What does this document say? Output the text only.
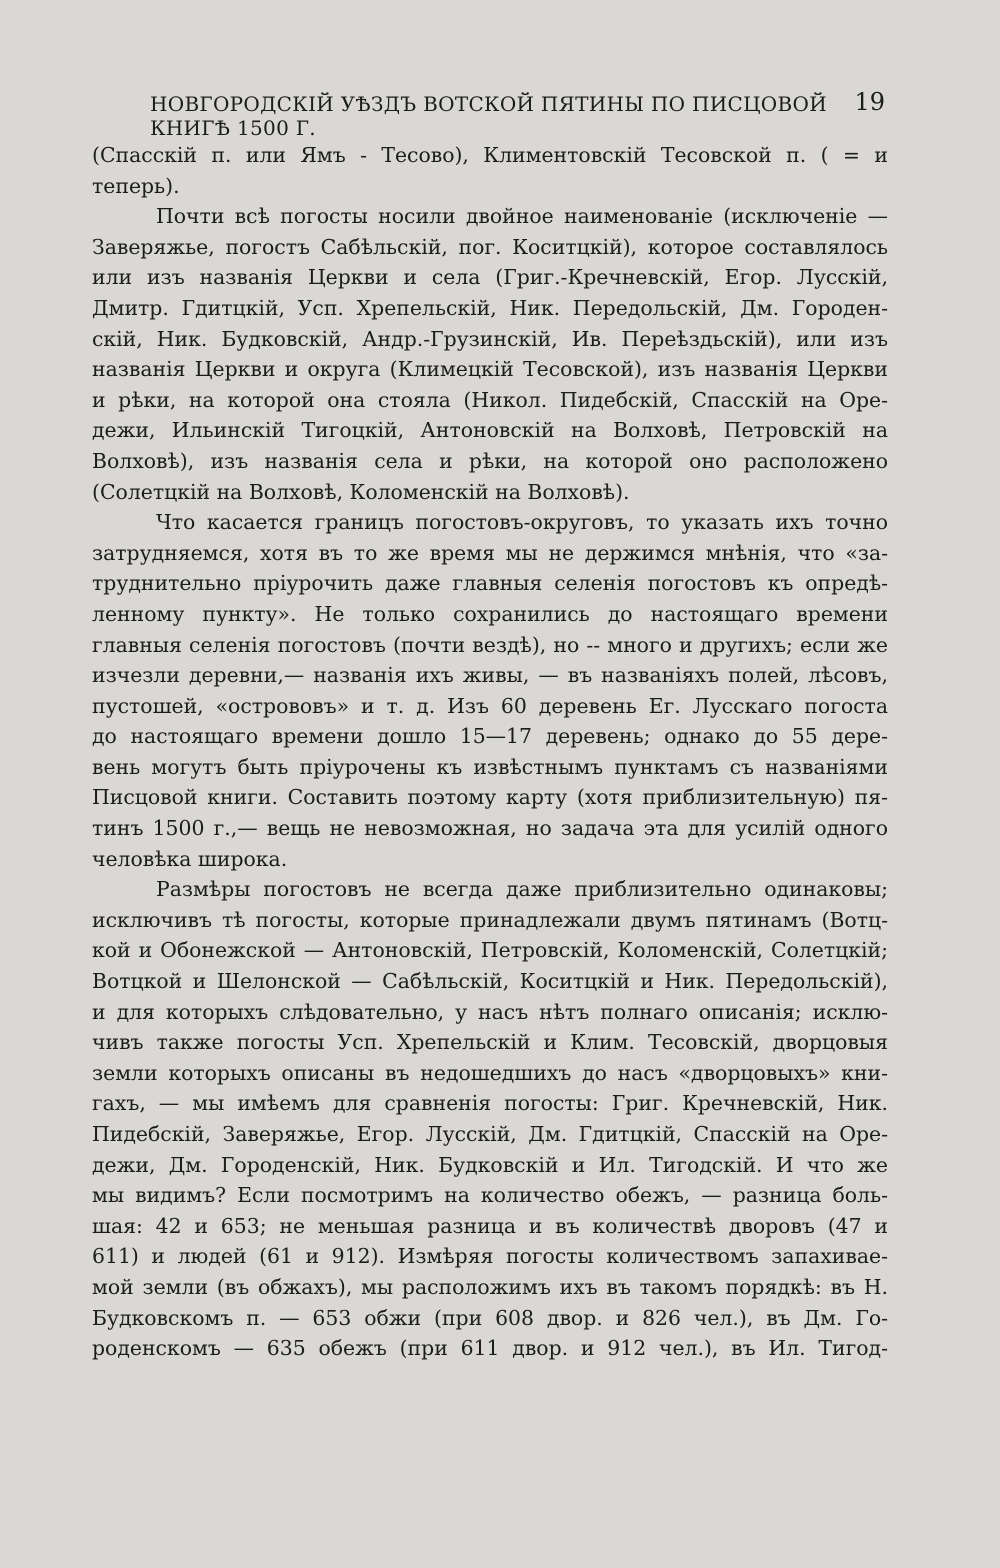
НОВГОРОДСКІЙ УѢЗДЪ ВОТСКОЙ ПЯТИНЫ ПО ПИСЦОВОЙ КНИГѢ 1500 Г.
19
(Спасскій п. или Ямъ - Тесово), Климентовскій Тесовской п. ( = и
теперь).
Почти всѣ погосты носили двойное наименованіе (исключеніе —
Заверяжье, погостъ Сабѣльскій, пог. Коситцкій), которое составлялось
или изъ названія Церкви и села (Григ.-Кречневскій, Егор. Лусскій,
Дмитр. Гдитцкій, Усп. Хрепельскій, Ник. Передольскій, Дм. Городен-
скій, Ник. Будковскій, Андр.-Грузинскій, Ив. Переѣздьскій), или изъ
названія Церкви и округа (Климецкій Тесовской), изъ названія Церкви
и рѣки, на которой она стояла (Никол. Пидебскій, Спасскій на Оре-
дежи, Ильинскій Тигоцкій, Антоновскій на Волховѣ, Петровскій на
Волховѣ), изъ названія села и рѣки, на которой оно расположено
(Солетцкій на Волховѣ, Коломенскій на Волховѣ).
Что касается границъ погостовъ-округовъ, то указать ихъ точно
затрудняемся, хотя въ то же время мы не держимся мнѣнія, что «за-
труднительно пріурочить даже главныя селенія погостовъ къ опредѣ-
ленному пункту». Не только сохранились до настоящаго времени
главныя селенія погостовъ (почти вездѣ), но -- много и другихъ; если же
изчезли деревни,— названія ихъ живы, — въ названіяхъ полей, лѣсовъ,
пустошей, «острововъ» и т. д. Изъ 60 деревень Ег. Лусскаго погоста
до настоящаго времени дошло 15—17 деревень; однако до 55 дере-
вень могутъ быть пріурочены къ извѣстнымъ пунктамъ съ названіями
Писцовой книги. Составить поэтому карту (хотя приблизительную) пя-
тинъ 1500 г.,— вещь не невозможная, но задача эта для усилій одного
человѣка широка.
Размѣры погостовъ не всегда даже приблизительно одинаковы;
исключивъ тѣ погосты, которые принадлежали двумъ пятинамъ (Вотц-
кой и Обонежской — Антоновскій, Петровскій, Коломенскій, Солетцкій;
Вотцкой и Шелонской — Сабѣльскій, Коситцкій и Ник. Передольскій),
и для которыхъ слѣдовательно, у насъ нѣтъ полнаго описанія; исклю-
чивъ также погосты Усп. Хрепельскій и Клим. Тесовскій, дворцовыя
земли которыхъ описаны въ недошедшихъ до насъ «дворцовыхъ» кни-
гахъ, — мы имѣемъ для сравненія погосты: Григ. Кречневскій, Ник.
Пидебскій, Заверяжье, Егор. Лусскій, Дм. Гдитцкій, Спасскій на Оре-
дежи, Дм. Городенскій, Ник. Будковскій и Ил. Тигодскій. И что же
мы видимъ? Если посмотримъ на количество обежъ, — разница боль-
шая: 42 и 653; не меньшая разница и въ количествѣ дворовъ (47 и
611) и людей (61 и 912). Измѣряя погосты количествомъ запахивае-
мой земли (въ обжахъ), мы расположимъ ихъ въ такомъ порядкѣ: въ Н.
Будковскомъ п. — 653 обжи (при 608 двор. и 826 чел.), въ Дм. Го-
роденскомъ — 635 обежъ (при 611 двор. и 912 чел.), въ Ил. Тигод-
